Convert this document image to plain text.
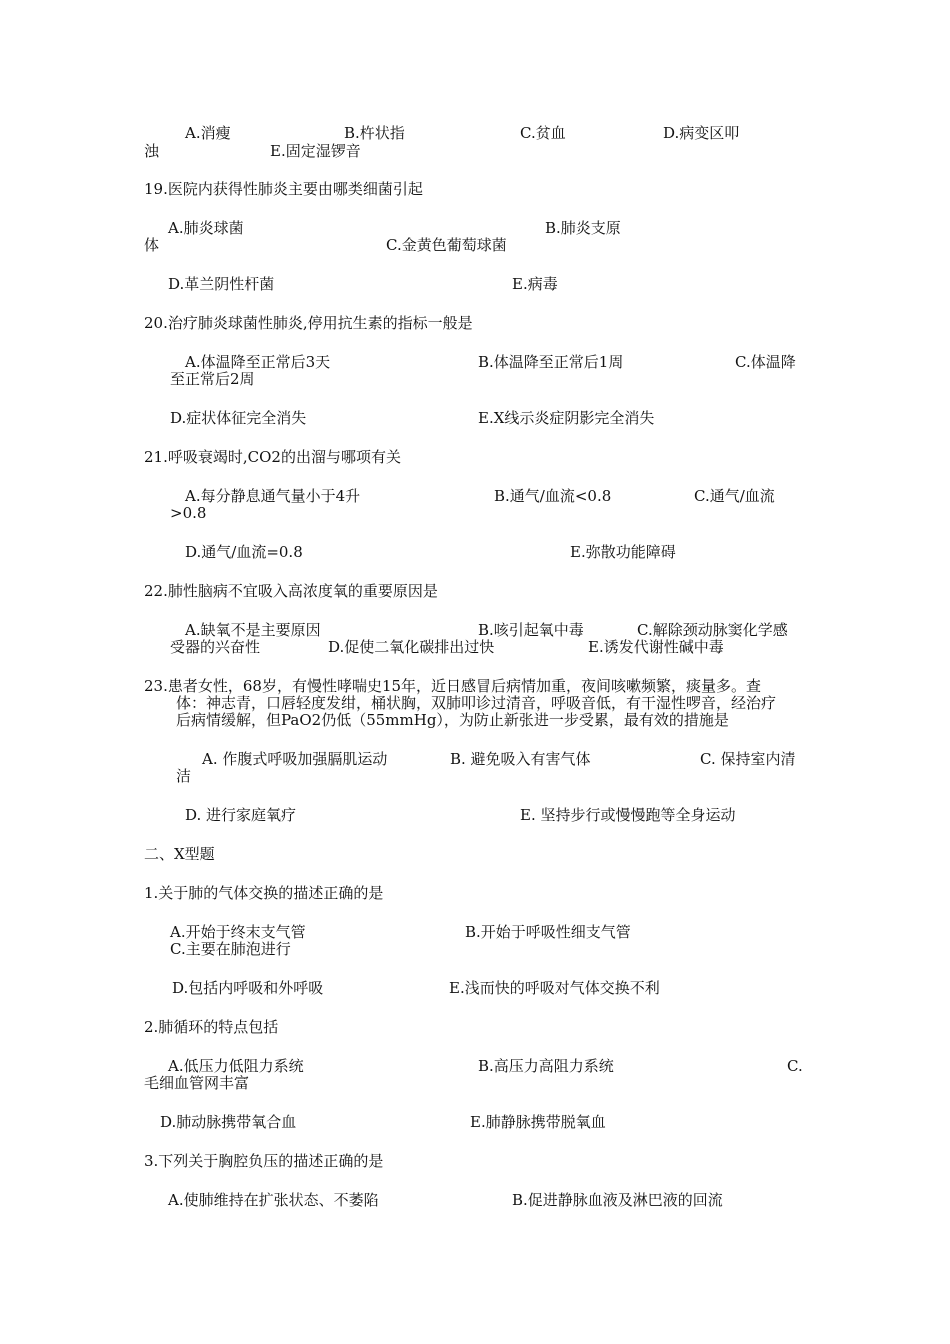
A.消瘦	B.杵状指	C.贫血	D.病变区叩
浊	E.固定湿锣音
19.医院内获得性肺炎主要由哪类细菌引起
A.肺炎球菌	B.肺炎支原
体	C.金黄色葡萄球菌
D.革兰阴性杆菌	E.病毒
20.治疗肺炎球菌性肺炎,停用抗生素的指标一般是
A.体温降至正常后3天	B.体温降至正常后1周	C.体温降
至正常后2周
D.症状体征完全消失	E.X线示炎症阴影完全消失
21.呼吸衰竭时,CO2的出溜与哪项有关
A.每分静息通气量小于4升	B.通气/血流<0.8	C.通气/血流
>0.8
D.通气/血流=0.8	E.弥散功能障碍
22.肺性脑病不宜吸入高浓度氧的重要原因是
A.缺氧不是主要原因	B.咳引起氧中毒	C.解除颈动脉窦化学感
受器的兴奋性	D.促使二氧化碳排出过快	E.诱发代谢性碱中毒
23.患者女性，68岁，有慢性哮喘史15年，近日感冒后病情加重，夜间咳嗽频繁，痰量多。查
体：神志青，口唇轻度发绀，桶状胸，双肺叩诊过清音，呼吸音低，有干湿性啰音，经治疗
后病情缓解，但PaO2仍低（55mmHg），为防止新张进一步受累，最有效的措施是
A. 作腹式呼吸加强膈肌运动	B. 避免吸入有害气体	C. 保持室内清
洁
D. 进行家庭氧疗	E. 坚持步行或慢慢跑等全身运动
二、X型题
1.关于肺的气体交换的描述正确的是
A.开始于终末支气管	B.开始于呼吸性细支气管
C.主要在肺泡进行
D.包括内呼吸和外呼吸	E.浅而快的呼吸对气体交换不利
2.肺循环的特点包括
A.低压力低阻力系统	B.高压力高阻力系统	C.
毛细血管网丰富
D.肺动脉携带氧合血	E.肺静脉携带脱氧血
3.下列关于胸腔负压的描述正确的是
A.使肺维持在扩张状态、不萎陷	B.促进静脉血液及淋巴液的回流
